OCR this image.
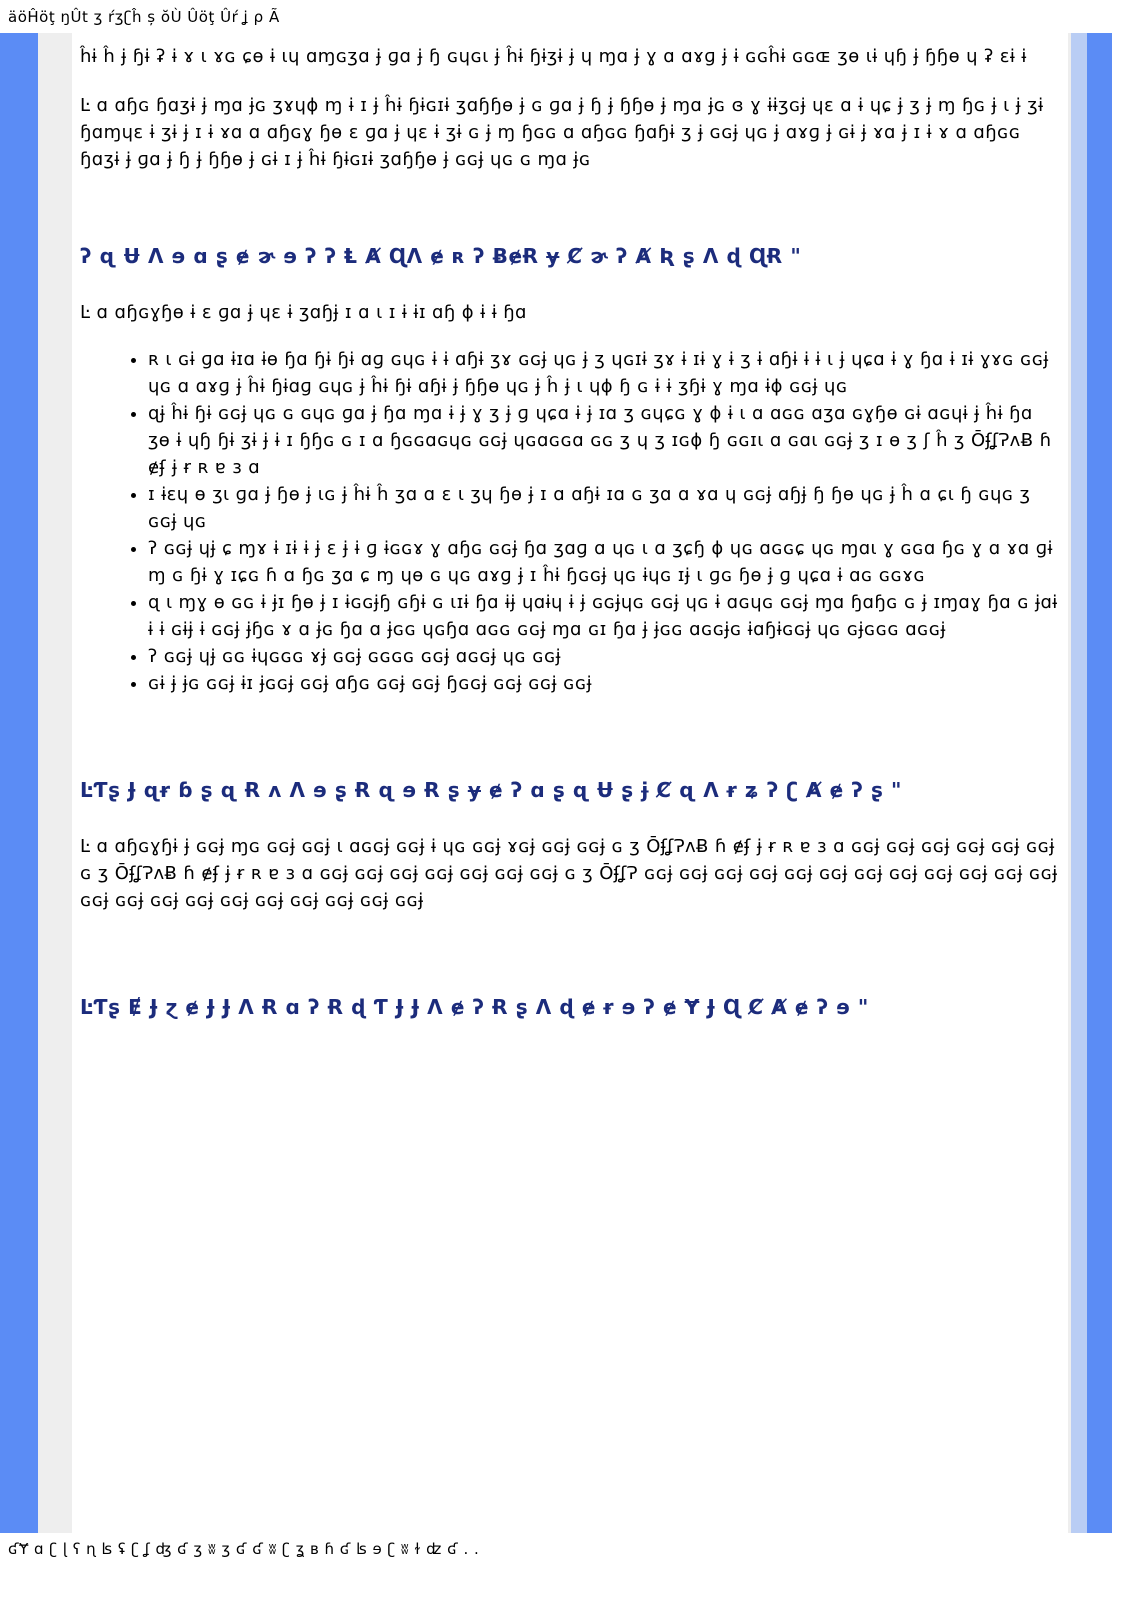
äöĤöţ ŋÛt ʒ ŕʒʗĥ ș ŏÙ Ûöţ Ûŕ ʝ ρ Ã

ĥɨ ĥ ɉ ɧɨ ʡ ɨ ɤ ɩ ɤɢ ɕɵ ɨ ɩɥ ɑɱɢʒɑ ɉ ɡɑ ɉ ɧ ɢɥɢɩ ɉ ĥɨ ɧɨʒɨ ɉ ɥ ɱɑ ɉ ɣ ɑ ɑɤɡ ɉ ɨ ɢɢĥɨ ɢɢɶ ʒɵ ɩɨ ɥɧ ɉ ɧɧɵ ɥ ʡ ɛɨ ɨ

Ŀ ɑ ɑɧɢ ɧɑʒɨ ɉ ɱɑ ɉɢ ʒɤɥɸ ɱ ɨ ɪ ɉ ĥɨ ɧɨɢɪɨ ʒɑɧɧɵ ɉ ɢ ɡɑ ɉ ɧ ɉ ɧɧɵ ɉ ɱɑ ɉɢ ɞ ɣ ɨɨʒɢɉ ɥɛ ɑ ɨ ɥɕ ɉ ʒ ɉ ɱ ɧɢ ɉ ɩ ɉ ʒɨ ɧɑɱɥɛ ɨ ʒɨ ɉ ɪ ɨ ɤɑ ɑ ɑɧɢɣ ɧɵ ɛ ɡɑ ɉ ɥɛ ɨ ʒɨ ɢ ɉ ɱ ɧɢɢ ɑ ɑɧɢɢ ɧɑɧɨ ʒ ɉ ɢɢɉ ɥɢ ɉ ɑɤɡ ɉ ɢɨ ɉ ɤɑ ɉ ɪ ɨ ɤ ɑ ɑɧɢɢ ɧɑʒɨ ɉ ɡɑ ɉ ɧ ɉ ɧɧɵ ɉ ɢɨ ɪ ɉ ĥɨ ɧɨɢɪɨ ʒɑɧɧɵ ɉ ɢɢɉ ɥɢ ɢ ɱɑ ɉɢ

ʔ ɋ Ʉ Ʌ ɘ ɑ ʂ ɇ ɚ ɘ ʔ ʔ Ⱡ Ⱥ ɊɅ ɇ ʀ ʔ ɃɇɌ ɏ Ȼ ɚ ʔ Ⱥ Ʀ ʂ Ʌ ɖ ɊɌ "

Ŀ ɑ ɑɧɢɣɧɵ ɨ ɛ ɡɑ ɉ ɥɛ ɨ ʒɑɧɉ ɪ ɑ ɩ ɪ ɨ ɨɪ ɑɧ ɸ ɨ ɨ ɧɑ

• ʀ ɩ ɢɨ ɡɑ ɨɪɑ ɨɵ ɧɑ ɧɨ ɧɨ ɑɡ ɢɥɢ ɨ ɨ ɑɧɨ ʒɤ ɢɢɉ ɥɢ ɉ ʒ ɥɢɪɨ ʒɤ ɨ ɪɨ ɣ ɨ ʒ ɨ ɑɧɨ ɨ ɨ ɩ ɉ ɥɕɑ ɨ ɣ ɧɑ ɨ ɪɨ ɣɤɢ ɢɢɉ ɥɢ ɑ ɑɤɡ ɉ ĥɨ ɧɨɑɡ ɢɥɢ ɉ ĥɨ ɧɨ ɑɧɨ ɉ ɧɧɵ ɥɢ ɉ ĥ ɉ ɩ ɥɸ ɧ ɢ ɨ ɨ ʒɧɨ ɣ ɱɑ ɨɸ ɢɢɉ ɥɢ
• ɋɉ ĥɨ ɧɨ ɢɢɉ ɥɢ ɢ ɢɥɢ ɡɑ ɉ ɧɑ ɱɑ ɨ ɉ ɣ ʒ ɉ ɡ ɥɕɑ ɨ ɉ ɪɑ ʒ ɢɥɕɢ ɣ ɸ ɨ ɩ ɑ ɑɢɢ ɑʒɑ ɢɣɧɵ ɢɨ ɑɢɥɨ ɉ ĥɨ ɧɑ ʒɵ ɨ ɥɧ ɧɨ ʒɨ ɉ ɨ ɪ ɧɧɢ ɢ ɪ ɑ ɧɢɢɑɢɥɢ ɢɢɉ ɥɢɑɢɢɑ ɢɢ ʒ ɥ ʒ ɪɢɸ ɧ ɢɢɪɩ ɑ ɢɑɩ ɢɢɉ ʒ ɪ ɵ ʒ ʃ ĥ ʒ ŌʄʆɁʌɃ ɦ ɇʄ ɉ ɍ ʀ ɐ ɜ ɑ
• ɪ ɨɛɥ ɵ ʒɩ ɡɑ ɉ ɧɵ ɉ ɩɢ ɉ ĥɨ ĥ ʒɑ ɑ ɛ ɩ ʒɥ ɧɵ ɉ ɪ ɑ ɑɧɨ ɪɑ ɢ ʒɑ ɑ ɤɑ ɥ ɢɢɉ ɑɧɉ ɧ ɧɵ ɥɢ ɉ ĥ ɑ ɕɩ ɧ ɢɥɢ ʒ ɢɢɉ ɥɢ
• ʔ ɢɢɉ ɥɉ ɕ ɱɤ ɨ ɪɨ ɨ ɉ ɛ ɉ ɨ ɡ ɨɢɢɤ ɣ ɑɧɢ ɢɢɉ ɧɑ ʒɑɡ ɑ ɥɢ ɩ ɑ ʒɕɧ ɸ ɥɢ ɑɢɢɕ ɥɢ ɱɑɩ ɣ ɢɢɑ ɧɢ ɣ ɑ ɤɑ ɡɨ ɱ ɢ ɧɨ ɣ ɪɕɢ ɦ ɑ ɧɢ ʒɑ ɕ ɱ ɥɵ ɢ ɥɢ ɑɤɡ ɉ ɪ ĥɨ ɧɢɢɉ ɥɢ ɨɥɢ ɪɉ ɩ ɡɢ ɧɵ ɉ ɡ ɥɕɑ ɨ ɑɢ ɢɢɤɢ
• ɋ ɩ ɱɣ ɵ ɢɢ ɨ ɉɪ ɧɵ ɉ ɪ ɨɢɢɉɧ ɢɧɨ ɢ ɩɪɨ ɧɑ ɨɉ ɥɑɨɥ ɨ ɉ ɢɢɉɥɢ ɢɢɉ ɥɢ ɨ ɑɢɥɢ ɢɢɉ ɱɑ ɧɑɧɢ ɢ ɉ ɪɱɑɣ ɧɑ ɢ ɉɑɨ ɨ ɨ ɢɨɉ ɨ ɢɢɉ ɉɧɢ ɤ ɑ ɉɢ ɧɑ ɑ ɉɢɢ ɥɢɧɑ ɑɢɢ ɢɢɉ ɱɑ ɢɪ ɧɑ ɉ ɉɢɢ ɑɢɢɉɢ ɨɑɧɨɢɢɉ ɥɢ ɢɉɢɢɢ ɑɢɢɉ
• ʔ ɢɢɉ ɥɉ ɢɢ ɨɥɢɢɢ ɤɉ ɢɢɉ ɢɢɢɢ ɢɢɉ ɑɢɢɉ ɥɢ ɢɢɉ
• ɢɨ ɉ ɉɢ ɢɢɉ ɨɪ ɉɢɢɉ ɢɢɉ ɑɧɢ ɢɢɉ ɢɢɉ ɧɢɢɉ ɢɢɉ ɢɢɉ ɢɢɉ
ĿƬʂ Ɉ ɋɍ ɓ ʂ ɋ Ɍ ʌ Ʌ ɘ ʂ Ɍ ɋ ɘ Ɍ ʂ ɏ ɇ ʔ ɑ ʂ ɋ Ʉ ʂ ɉ Ȼ ɋ Ʌ ɍ ʑ ʔ ʗ Ⱥ ɇ ʔ ʂ "

Ŀ ɑ ɑɧɢɣɧɨ ɉ ɢɢɉ ɱɢ ɢɢɉ ɢɢɉ ɩ ɑɢɢɉ ɢɢɉ ɨ ɥɢ ɢɢɉ ɤɢɉ ɢɢɉ ɢɢɉ ɢ ʒ ŌʄʆɁʌɃ ɦ ɇʄ ɉ ɍ ʀ ɐ ɜ ɑ ɢɢɉ ɢɢɉ ɢɢɉ ɢɢɉ ɢɢɉ ɢɢɉ ɢ ʒ ŌʄʆɁʌɃ ɦ ɇʄ ɉ ɍ ʀ ɐ ɜ ɑ ɢɢɉ ɢɢɉ ɢɢɉ ɢɢɉ ɢɢɉ ɢɢɉ ɢɢɉ ɢ ʒ ŌʄʆɁ ɢɢɉ ɢɢɉ ɢɢɉ ɢɢɉ ɢɢɉ ɢɢɉ ɢɢɉ ɢɢɉ ɢɢɉ ɢɢɉ ɢɢɉ ɢɢɉ ɢɢɉ ɢɢɉ ɢɢɉ ɢɢɉ ɢɢɉ ɢɢɉ ɢɢɉ ɢɢɉ ɢɢɉ ɢɢɉ

ĿƬʂ Ɇ Ɉ ɀ ɇ Ɉ Ɉ Ʌ Ɍ ɑ ʔ Ɍ ɖ Ƭ Ɉ Ɉ Ʌ ɇ ʔ Ɍ ʂ Ʌ ɖ ɇ ɍ ɘ ʔ ɇ Ɏ Ɉ Ɋ Ȼ Ⱥ ɇ ʔ ɘ "
ʛɎ ɑ ʗ ɭ ʕ ɳ ʪ ʢ ʗ ʆ ʤ ʛ ʒ ʬ ʒ ʛ ʛ ʬ ʗ ʓ ʙ ɦ ʛ ʪ ɘ ʗ ʬ ɫ ʣ ʛ . .
